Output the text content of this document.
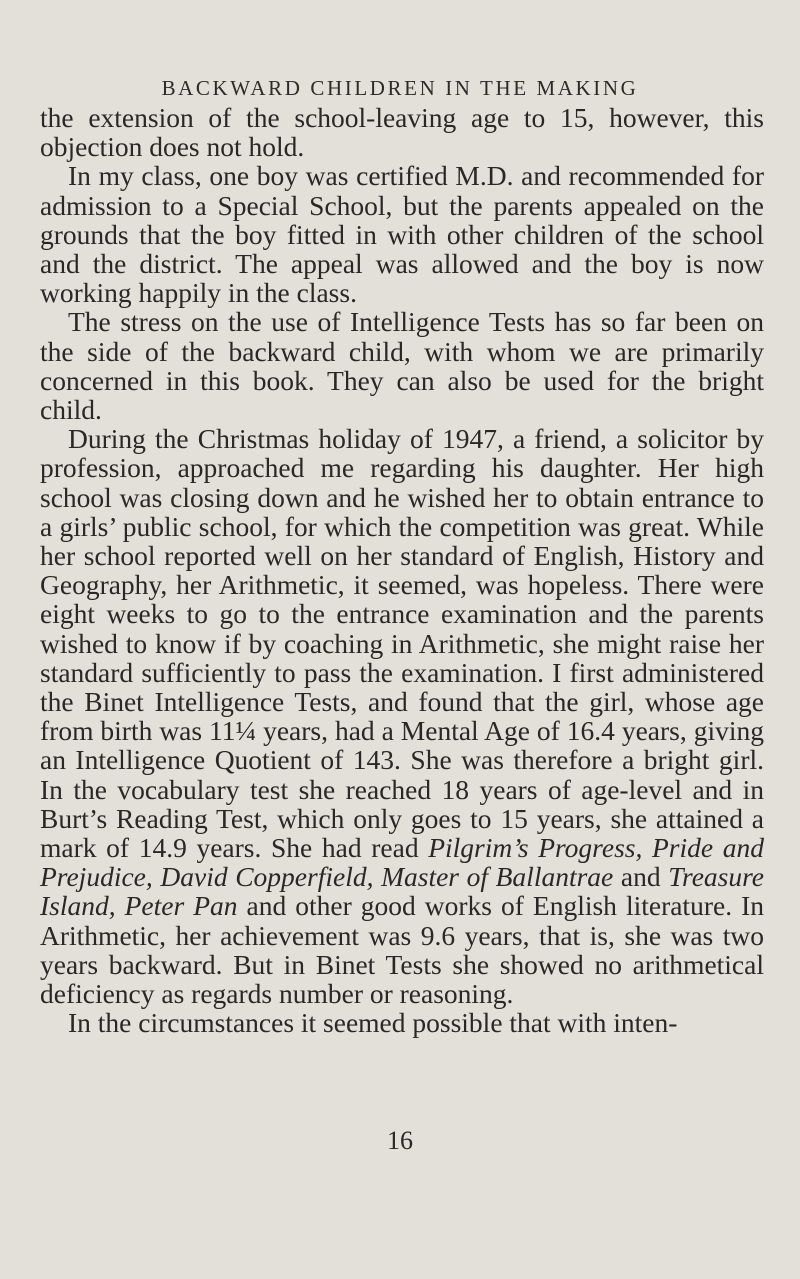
BACKWARD CHILDREN IN THE MAKING

the extension of the school-leaving age to 15, however, this objection does not hold.

In my class, one boy was certified M.D. and recommended for admission to a Special School, but the parents appealed on the grounds that the boy fitted in with other children of the school and the district. The appeal was allowed and the boy is now working happily in the class.

The stress on the use of Intelligence Tests has so far been on the side of the backward child, with whom we are primarily concerned in this book. They can also be used for the bright child.

During the Christmas holiday of 1947, a friend, a solicitor by profession, approached me regarding his daughter. Her high school was closing down and he wished her to obtain entrance to a girls’ public school, for which the competition was great. While her school reported well on her standard of English, History and Geography, her Arithmetic, it seemed, was hopeless. There were eight weeks to go to the entrance examination and the parents wished to know if by coaching in Arithmetic, she might raise her standard sufficiently to pass the examination. I first administered the Binet Intelligence Tests, and found that the girl, whose age from birth was 11¼ years, had a Mental Age of 16.4 years, giving an Intelligence Quotient of 143. She was therefore a bright girl. In the vocabulary test she reached 18 years of age-level and in Burt’s Reading Test, which only goes to 15 years, she attained a mark of 14.9 years. She had read Pilgrim’s Progress, Pride and Prejudice, David Copperfield, Master of Ballantrae and Treasure Island, Peter Pan and other good works of English literature. In Arithmetic, her achievement was 9.6 years, that is, she was two years backward. But in Binet Tests she showed no arithmetical deficiency as regards number or reasoning.

In the circumstances it seemed possible that with inten-

16
